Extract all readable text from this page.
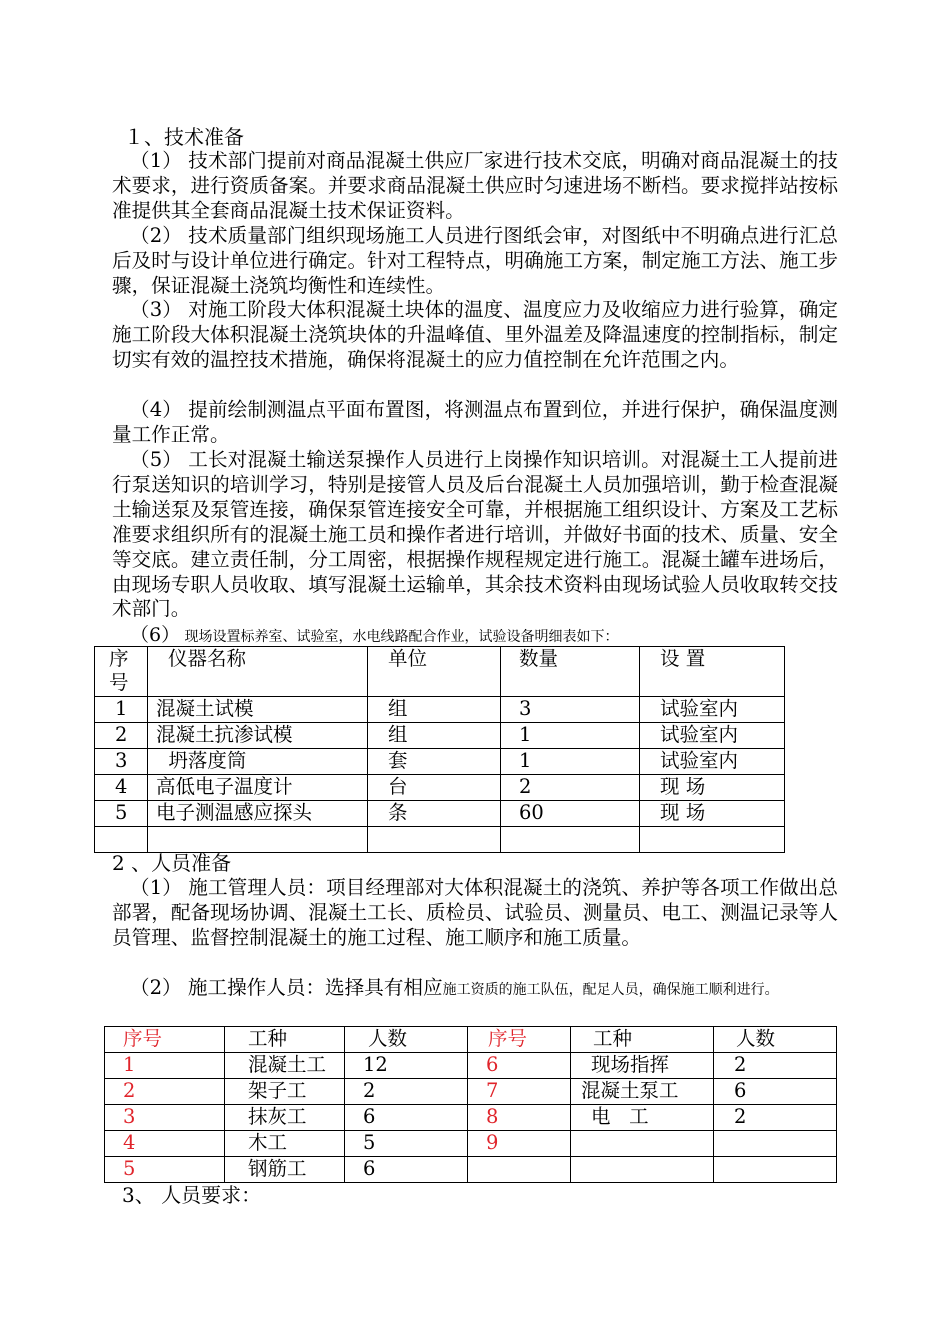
１、技术准备

（1） 技术部门提前对商品混凝土供应厂家进行技术交底，明确对商品混凝土的技术要求，进行资质备案。并要求商品混凝土供应时匀速进场不断档。要求搅拌站按标准提供其全套商品混凝土技术保证资料。

（2） 技术质量部门组织现场施工人员进行图纸会审，对图纸中不明确点进行汇总后及时与设计单位进行确定。针对工程特点，明确施工方案，制定施工方法、施工步骤，保证混凝土浇筑均衡性和连续性。

（3） 对施工阶段大体积混凝土块体的温度、温度应力及收缩应力进行验算，确定施工阶段大体积混凝土浇筑块体的升温峰值、里外温差及降温速度的控制指标，制定切实有效的温控技术措施，确保将混凝土的应力值控制在允许范围之内。

（4） 提前绘制测温点平面布置图，将测温点布置到位，并进行保护，确保温度测量工作正常。

（5） 工长对混凝土输送泵操作人员进行上岗操作知识培训。对混凝土工人提前进行泵送知识的培训学习，特别是接管人员及后台混凝土人员加强培训，勤于检查混凝土输送泵及泵管连接，确保泵管连接安全可靠，并根据施工组织设计、方案及工艺标准要求组织所有的混凝土施工员和操作者进行培训，并做好书面的技术、质量、安全等交底。建立责任制，分工周密，根据操作规程规定进行施工。混凝土罐车进场后，由现场专职人员收取、填写混凝土运输单，其余技术资料由现场试验人员收取转交技术部门。

（6） 现场设置标养室、试验室，水电线路配合作业，试验设备明细表如下：
序号	仪器名称	单位	数量	设 置
1	混凝土试模	组	3	试验室内
2	混凝土抗渗试模	组	1	试验室内
3	坍落度筒	套	1	试验室内
4	高低电子温度计	台	2	现 场
5	电子测温感应探头	条	60	现 场

2 、人员准备

（1） 施工管理人员：项目经理部对大体积混凝土的浇筑、养护等各项工作做出总部署，配备现场协调、混凝土工长、质检员、试验员、测量员、电工、测温记录等人员管理、监督控制混凝土的施工过程、施工顺序和施工质量。

（2） 施工操作人员：选择具有相应施工资质的施工队伍，配足人员，确保施工顺利进行。

序号	工种	人数	序号	工种	人数
1	混凝土工	12	6	现场指挥	2
2	架子工	2	7	混凝土泵工	6
3	抹灰工	6	8	电   工	2
4	木工	5	9		
5	钢筋工	6			
3、 人员要求：
